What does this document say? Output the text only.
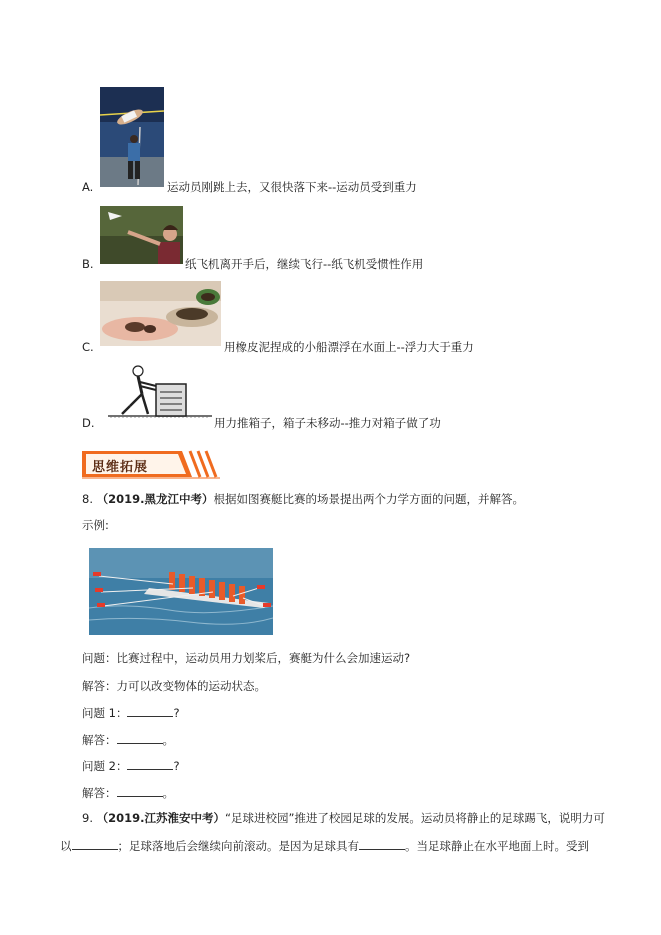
A.	运动员刚跳上去，又很快落下来--运动员受到重力
B.	纸飞机离开手后，继续飞行--纸飞机受惯性作用
C.	用橡皮泥捏成的小船漂浮在水面上--浮力大于重力
D.	用力推箱子，箱子未移动--推力对箱子做了功
思维拓展
8. （2019.黑龙江中考）根据如图赛艇比赛的场景提出两个力学方面的问题，并解答。
示例:
问题：比赛过程中，运动员用力划桨后，赛艇为什么会加速运动?
解答：力可以改变物体的运动状态。
问题 1：	?
解答：	。
问题 2：	?
解答：	。
9. （2019.江苏淮安中考）“足球进校园”推进了校园足球的发展。运动员将静止的足球踢飞，说明力可
以	；足球落地后会继续向前滚动。是因为足球具有	。当足球静止在水平地面上时。受到
